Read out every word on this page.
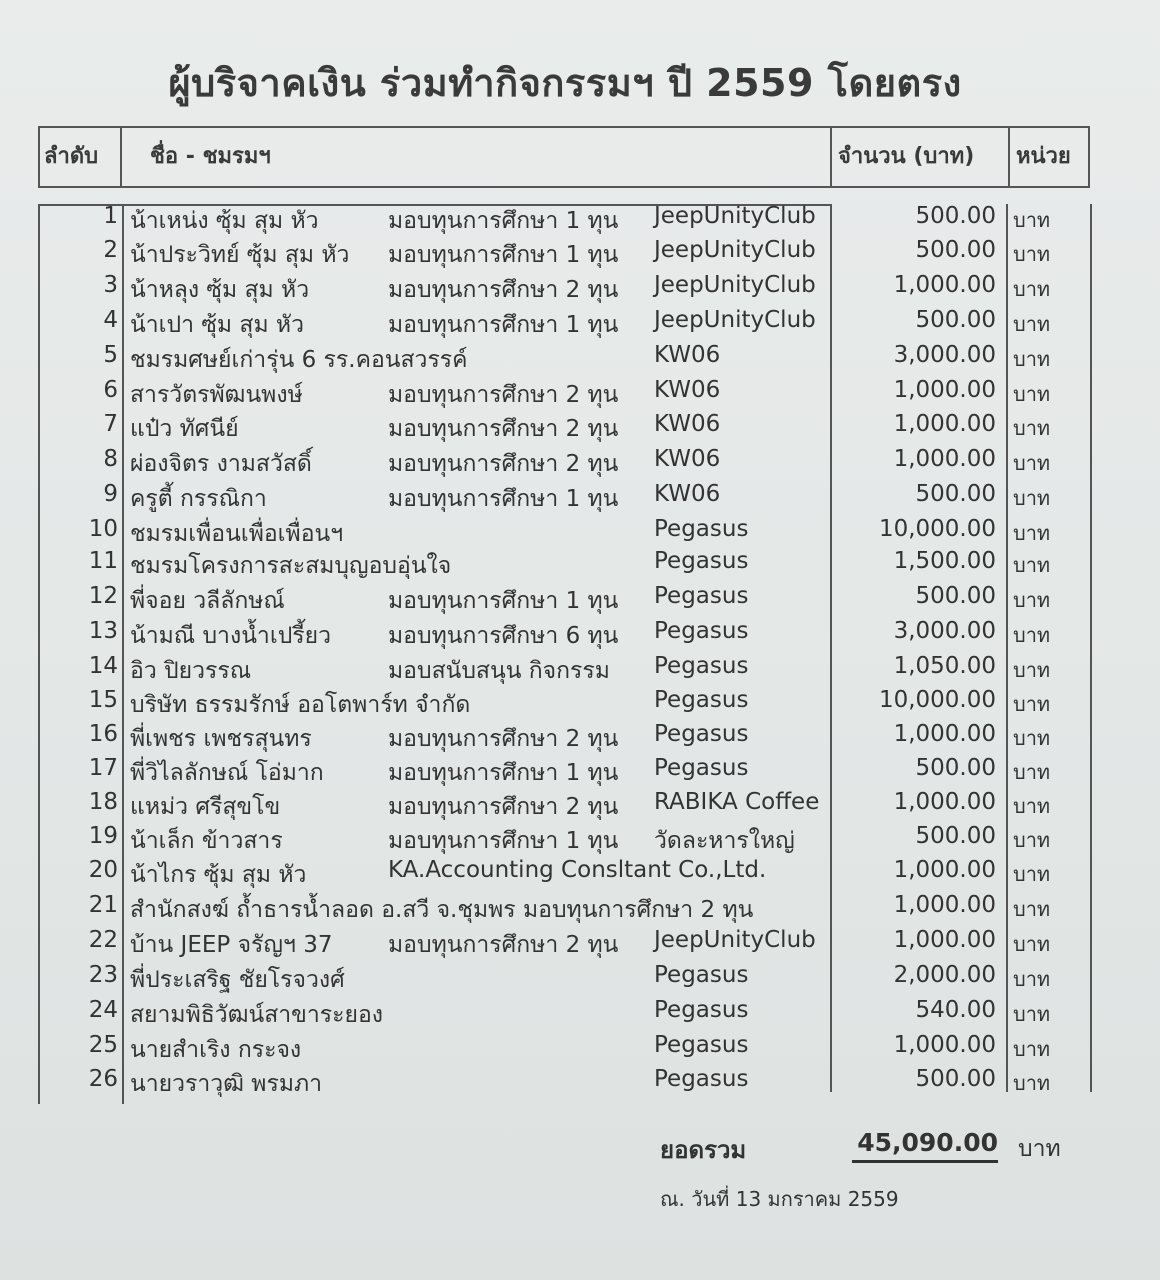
ผู้บริจาคเงิน ร่วมทำกิจกรรมฯ ปี 2559 โดยตรง
ลำดับ ชื่อ - ชมรมฯ	จำนวน (บาท) หน่วย
1 น้าเหน่ง ซุ้ม สุม หัว	มอบทุนการศึกษา 1 ทุน JeepUnityClub	500.00 บาท
2 น้าประวิทย์ ซุ้ม สุม หัว มอบทุนการศึกษา 1 ทุน JeepUnityClub	500.00 บาท
3 น้าหลุง ซุ้ม สุม หัว	มอบทุนการศึกษา 2 ทุน JeepUnityClub	1,000.00 บาท
4 น้าเปา ซุ้ม สุม หัว	มอบทุนการศึกษา 1 ทุน JeepUnityClub	500.00 บาท
5 ชมรมศษย์เก่ารุ่น 6 รร.คอนสวรรค์	KW06	3,000.00 บาท
6 สารวัตรพัฒนพงษ์	มอบทุนการศึกษา 2 ทุน KW06	1,000.00 บาท
7 แป๋ว ทัศนีย์	มอบทุนการศึกษา 2 ทุน KW06	1,000.00 บาท
8 ผ่องจิตร งามสวัสดิ์	มอบทุนการศึกษา 2 ทุน KW06	1,000.00 บาท
9 ครูตี้ กรรณิกา	มอบทุนการศึกษา 1 ทุน KW06	500.00 บาท
10 ชมรมเพื่อนเพื่อเพื่อนฯ	Pegasus	10,000.00 บาท
11 ชมรมโครงการสะสมบุญอบอุ่นใจ	Pegasus	1,500.00 บาท
12 พี่จอย วลีลักษณ์	มอบทุนการศึกษา 1 ทุน Pegasus	500.00 บาท
13 น้ามณี บางน้ำเปรี้ยว มอบทุนการศึกษา 6 ทุน Pegasus	3,000.00 บาท
14 อิว ปิยวรรณ	มอบสนับสนุน กิจกรรม Pegasus	1,050.00 บาท
15 บริษัท ธรรมรักษ์ ออโตพาร์ท จำกัด	Pegasus	10,000.00 บาท
16 พี่เพชร เพชรสุนทร	มอบทุนการศึกษา 2 ทุน Pegasus	1,000.00 บาท
17 พี่วิไลลักษณ์ โอ่มาก	มอบทุนการศึกษา 1 ทุน Pegasus	500.00 บาท
18 แหม่ว ศรีสุขโข	มอบทุนการศึกษา 2 ทุน RABIKA Coffee	1,000.00 บาท
19 น้าเล็ก ข้าวสาร	มอบทุนการศึกษา 1 ทุน วัดละหารใหญ่	500.00 บาท
20 น้าไกร ซุ้ม สุม หัว	KA.Accounting Consltant Co.,Ltd.	1,000.00 บาท
21 สำนักสงฆ์ ถ้ำธารน้ำลอด อ.สวี จ.ชุมพร มอบทุนการศึกษา 2 ทุน	1,000.00 บาท
22 บ้าน JEEP จรัญฯ 37 มอบทุนการศึกษา 2 ทุน JeepUnityClub	1,000.00 บาท
23 พี่ประเสริฐ ชัยโรจวงศ์	Pegasus	2,000.00 บาท
24 สยามพิธิวัฒน์สาขาระยอง	Pegasus	540.00 บาท
25 นายสำเริง กระจง	Pegasus	1,000.00 บาท
26 นายวราวุฒิ พรมภา	Pegasus	500.00 บาท
ยอดรวม	45,090.00 บาท
ณ. วันที่ 13 มกราคม 2559
